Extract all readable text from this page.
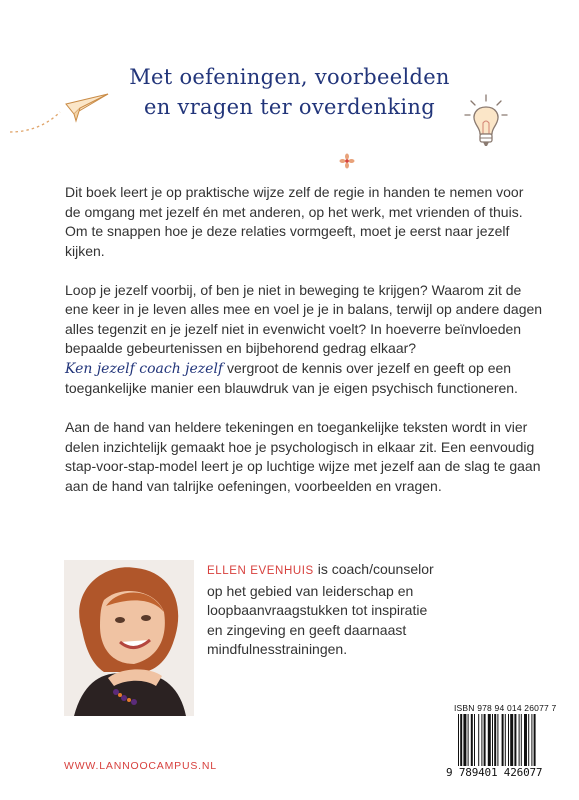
Met oefeningen, voorbeelden
en vragen ter overdenking

Dit boek leert je op praktische wijze zelf de regie in handen te nemen voor
de omgang met jezelf én met anderen, op het werk, met vrienden of thuis.
Om te snappen hoe je deze relaties vormgeeft, moet je eerst naar jezelf
kijken.

Loop je jezelf voorbij, of ben je niet in beweging te krijgen? Waarom zit de
ene keer in je leven alles mee en voel je je in balans, terwijl op andere dagen
alles tegenzit en je jezelf niet in evenwicht voelt? In hoeverre beïnvloeden
bepaalde gebeurtenissen en bijbehorend gedrag elkaar?
Ken jezelf coach jezelf vergroot de kennis over jezelf en geeft op een
toegankelijke manier een blauwdruk van je eigen psychisch functioneren.

Aan de hand van heldere tekeningen en toegankelijke teksten wordt in vier
delen inzichtelijk gemaakt hoe je psychologisch in elkaar zit. Een eenvoudig
stap-voor-stap-model leert je op luchtige wijze met jezelf aan de slag te gaan
aan de hand van talrijke oefeningen, voorbeelden en vragen.

ELLEN EVENHUIS is coach/counselor
op het gebied van leiderschap en
loopbaanvraagstukken tot inspiratie
en zingeving en geeft daarnaast
mindfulnesstrainingen.
WWW.LANNOOCAMPUS.NL
ISBN 978 94 014 26077 7
9 789401 426077
